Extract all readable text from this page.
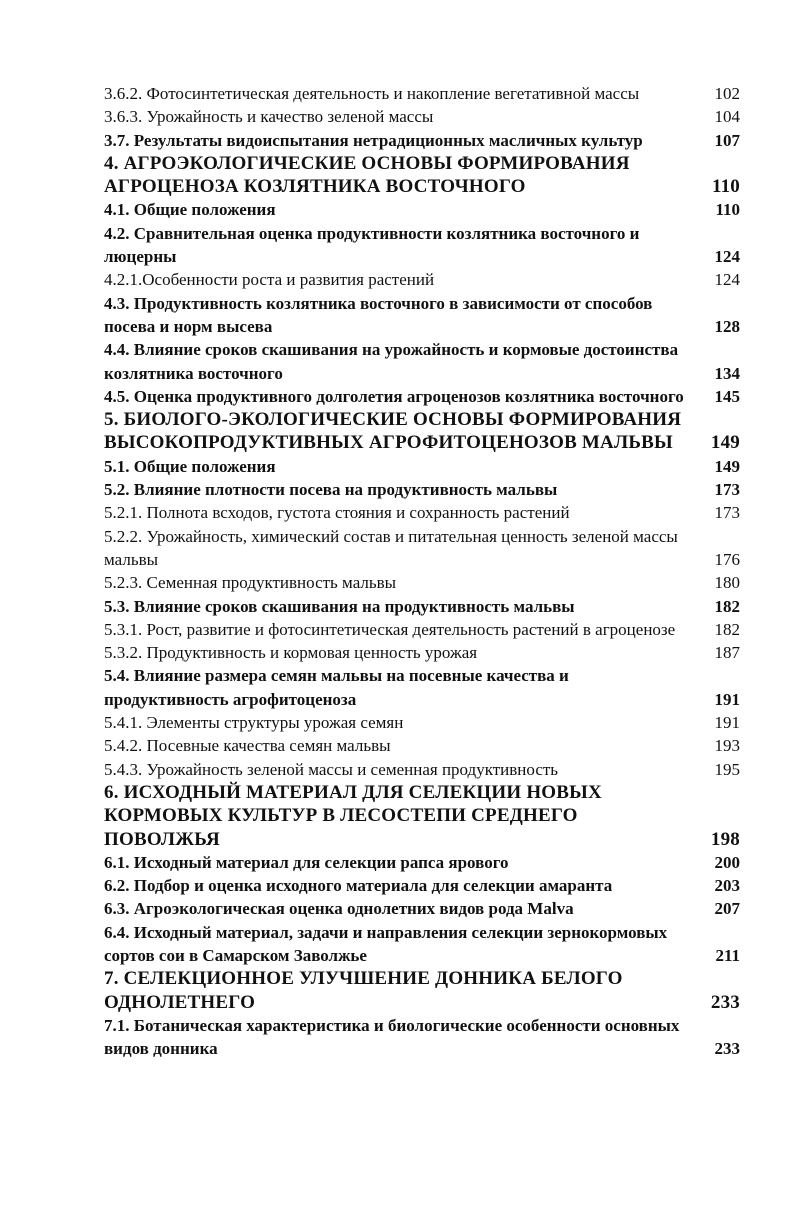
3.6.2. Фотосинтетическая деятельность и накопление вегетативной массы	102
3.6.3. Урожайность и качество зеленой массы	104
3.7. Результаты видоиспытания нетрадиционных масличных культур	107
4. АГРОЭКОЛОГИЧЕСКИЕ ОСНОВЫ ФОРМИРОВАНИЯ АГРОЦЕНОЗА КОЗЛЯТНИКА ВОСТОЧНОГО	110
4.1. Общие положения	110
4.2. Сравнительная оценка продуктивности козлятника восточного и люцерны	124
4.2.1.Особенности роста и развития растений	124
4.3. Продуктивность козлятника восточного в зависимости от способов посева и норм высева	128
4.4. Влияние сроков скашивания на урожайность и кормовые достоинства козлятника восточного	134
4.5. Оценка продуктивного долголетия агроценозов козлятника восточного	145
5. БИОЛОГО-ЭКОЛОГИЧЕСКИЕ ОСНОВЫ ФОРМИРОВАНИЯ ВЫСОКОПРОДУКТИВНЫХ АГРОФИТОЦЕНОЗОВ МАЛЬВЫ	149
5.1. Общие положения	149
5.2. Влияние плотности посева на продуктивность мальвы	173
5.2.1. Полнота всходов, густота стояния и сохранность растений	173
5.2.2. Урожайность, химический состав и питательная ценность зеленой массы мальвы	176
5.2.3. Семенная продуктивность мальвы	180
5.3. Влияние сроков скашивания на продуктивность мальвы	182
5.3.1. Рост, развитие и фотосинтетическая деятельность растений в агроценозе	182
5.3.2. Продуктивность и кормовая ценность урожая	187
5.4. Влияние размера семян мальвы на посевные качества и продуктивность агрофитоценоза	191
5.4.1. Элементы структуры урожая семян	191
5.4.2. Посевные качества семян мальвы	193
5.4.3. Урожайность зеленой массы и семенная продуктивность	195
6. ИСХОДНЫЙ МАТЕРИАЛ ДЛЯ СЕЛЕКЦИИ НОВЫХ КОРМОВЫХ КУЛЬТУР В ЛЕСОСТЕПИ СРЕДНЕГО ПОВОЛЖЬЯ	198
6.1. Исходный материал для селекции рапса ярового	200
6.2. Подбор и оценка исходного материала для селекции амаранта	203
6.3. Агроэкологическая оценка однолетних видов рода Malva	207
6.4. Исходный материал, задачи и направления селекции зернокормовых сортов сои в Самарском Заволжье	211
7. СЕЛЕКЦИОННОЕ УЛУЧШЕНИЕ ДОННИКА БЕЛОГО ОДНОЛЕТНЕГО	233
7.1. Ботаническая характеристика и биологические особенности основных видов донника	233
